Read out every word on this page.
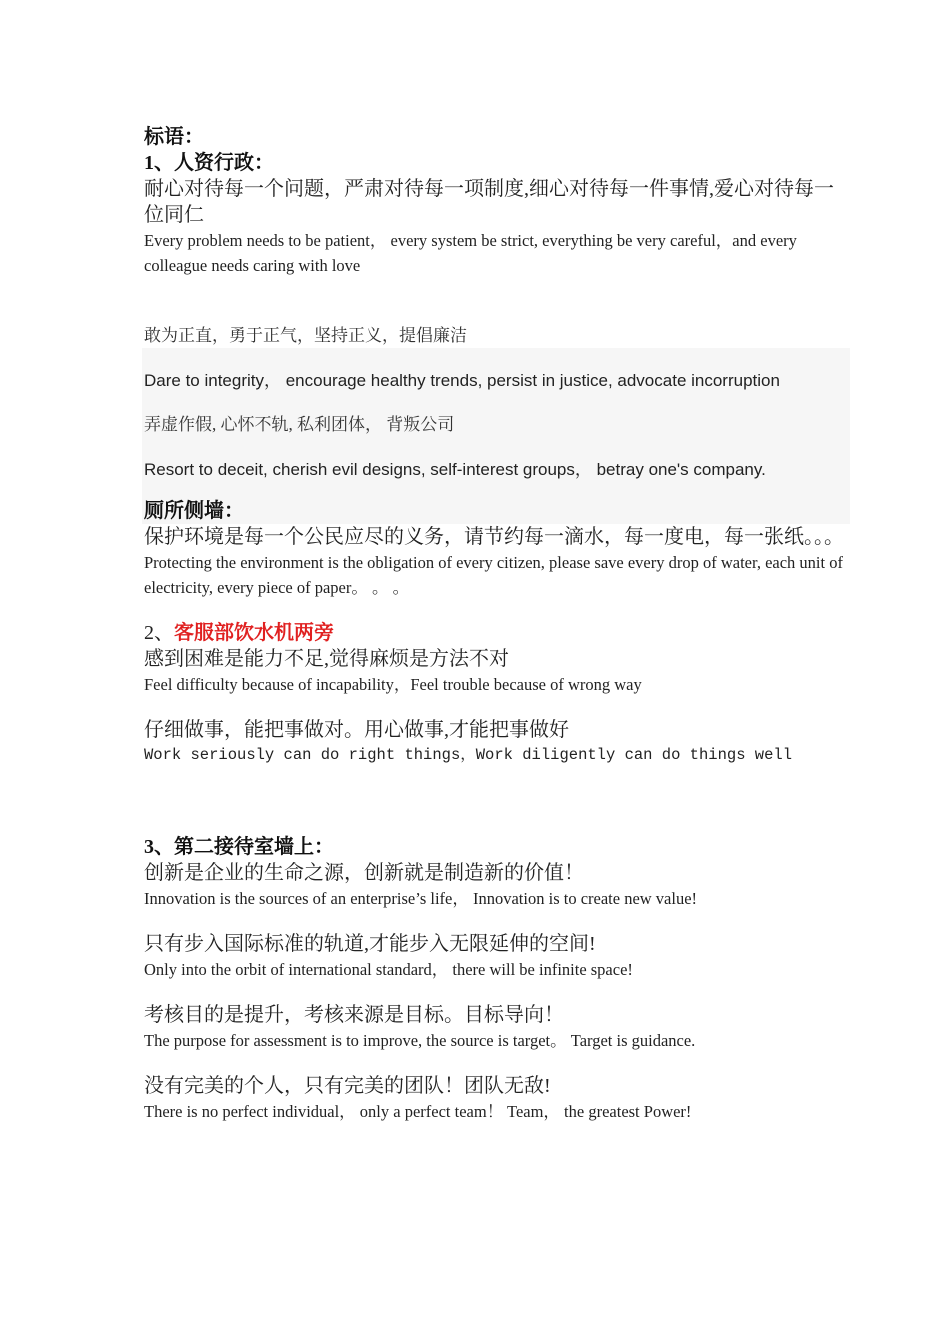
标语：

1、人资行政：

耐心对待每一个问题，严肃对待每一项制度,细心对待每一件事情,爱心对待每一位同仁

Every problem needs to be patient， every system be strict, everything be very careful，and every colleague needs caring with love

敢为正直，勇于正气，坚持正义，提倡廉洁

Dare to integrity， encourage healthy trends, persist in justice, advocate incorruption

弄虚作假, 心怀不轨, 私利团体， 背叛公司

Resort to deceit, cherish evil designs, self-interest groups， betray one's company.

厕所侧墙：

保护环境是每一个公民应尽的义务，请节约每一滴水，每一度电，每一张纸。。。

Protecting the environment is the obligation of every citizen, please save every drop of water, each unit of electricity, every piece of paper。 。 。

2、客服部饮水机两旁

感到困难是能力不足,觉得麻烦是方法不对

Feel difficulty because of incapability，Feel trouble because of wrong way

仔细做事，能把事做对。用心做事,才能把事做好

Work seriously can do right things，Work diligently can do things well

3、第二接待室墙上：

创新是企业的生命之源，创新就是制造新的价值！

Innovation is the sources of an enterprise’s life， Innovation is to create new value!

只有步入国际标准的轨道,才能步入无限延伸的空间!

Only into the orbit of international standard， there will be infinite space!

考核目的是提升，考核来源是目标。目标导向！

The purpose for assessment is to improve, the source is target。 Target is guidance.

没有完美的个人，只有完美的团队！团队无敌!

There is no perfect individual， only a perfect team！ Team， the greatest Power!
